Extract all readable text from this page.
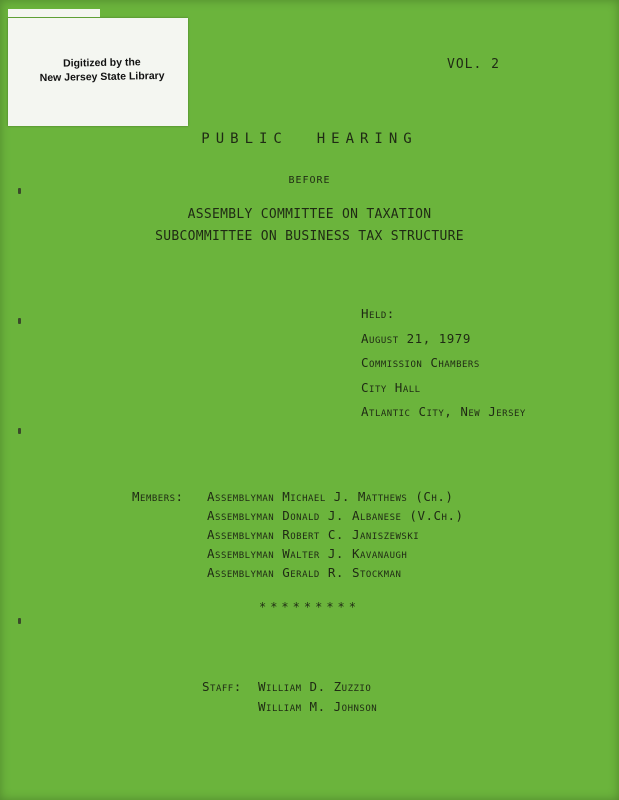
Digitized by the
New Jersey State Library
VOL. 2
PUBLIC  HEARING
BEFORE
ASSEMBLY COMMITTEE ON TAXATION
SUBCOMMITTEE ON BUSINESS TAX STRUCTURE
Held:
August 21, 1979
Commission Chambers
City Hall
Atlantic City, New Jersey
Members: Assemblyman Michael J. Matthews (Ch.)
Assemblyman Donald J. Albanese (V.Ch.)
Assemblyman Robert C. Janiszewski
Assemblyman Walter J. Kavanaugh
Assemblyman Gerald R. Stockman
*********
Staff: William D. Zuzzio
William M. Johnson
